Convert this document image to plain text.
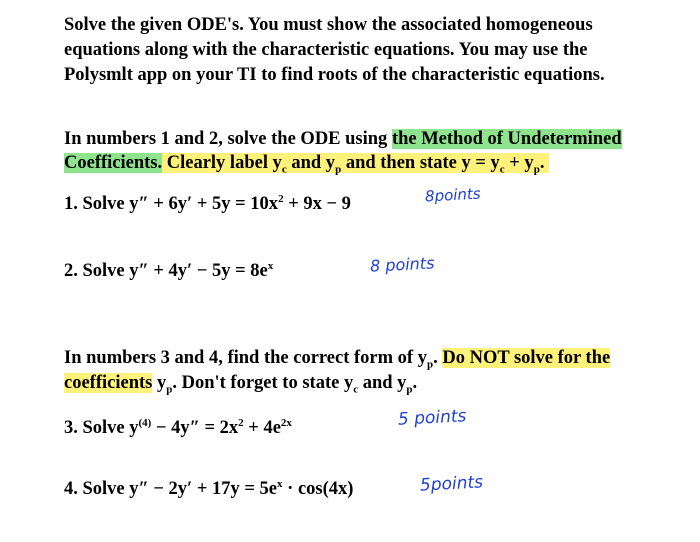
Solve the given ODE's. You must show the associated homogeneous
equations along with the characteristic equations. You may use the
Polysmlt app on your TI to find roots of the characteristic equations.
In numbers 1 and 2, solve the ODE using the Method of Undetermined
Coefficients. Clearly label $y_c$ and $y_p$ and then state $y = y_c + y_p$.
1. Solve $y'' + 6y' + 5y = 10x^2 + 9x - 9$	8points
2. Solve $y'' + 4y' - 5y = 8e^x$	8 points
In numbers 3 and 4, find the correct form of $y_p$. Do NOT solve for the
coefficients $y_p$. Don't forget to state $y_c$ and $y_p$.
3. Solve $y^{(4)} - 4y'' = 2x^2 + 4e^{2x}$	5 points
4. Solve $y'' - 2y' + 17y = 5e^x \cdot \cos(4x)$	5points
